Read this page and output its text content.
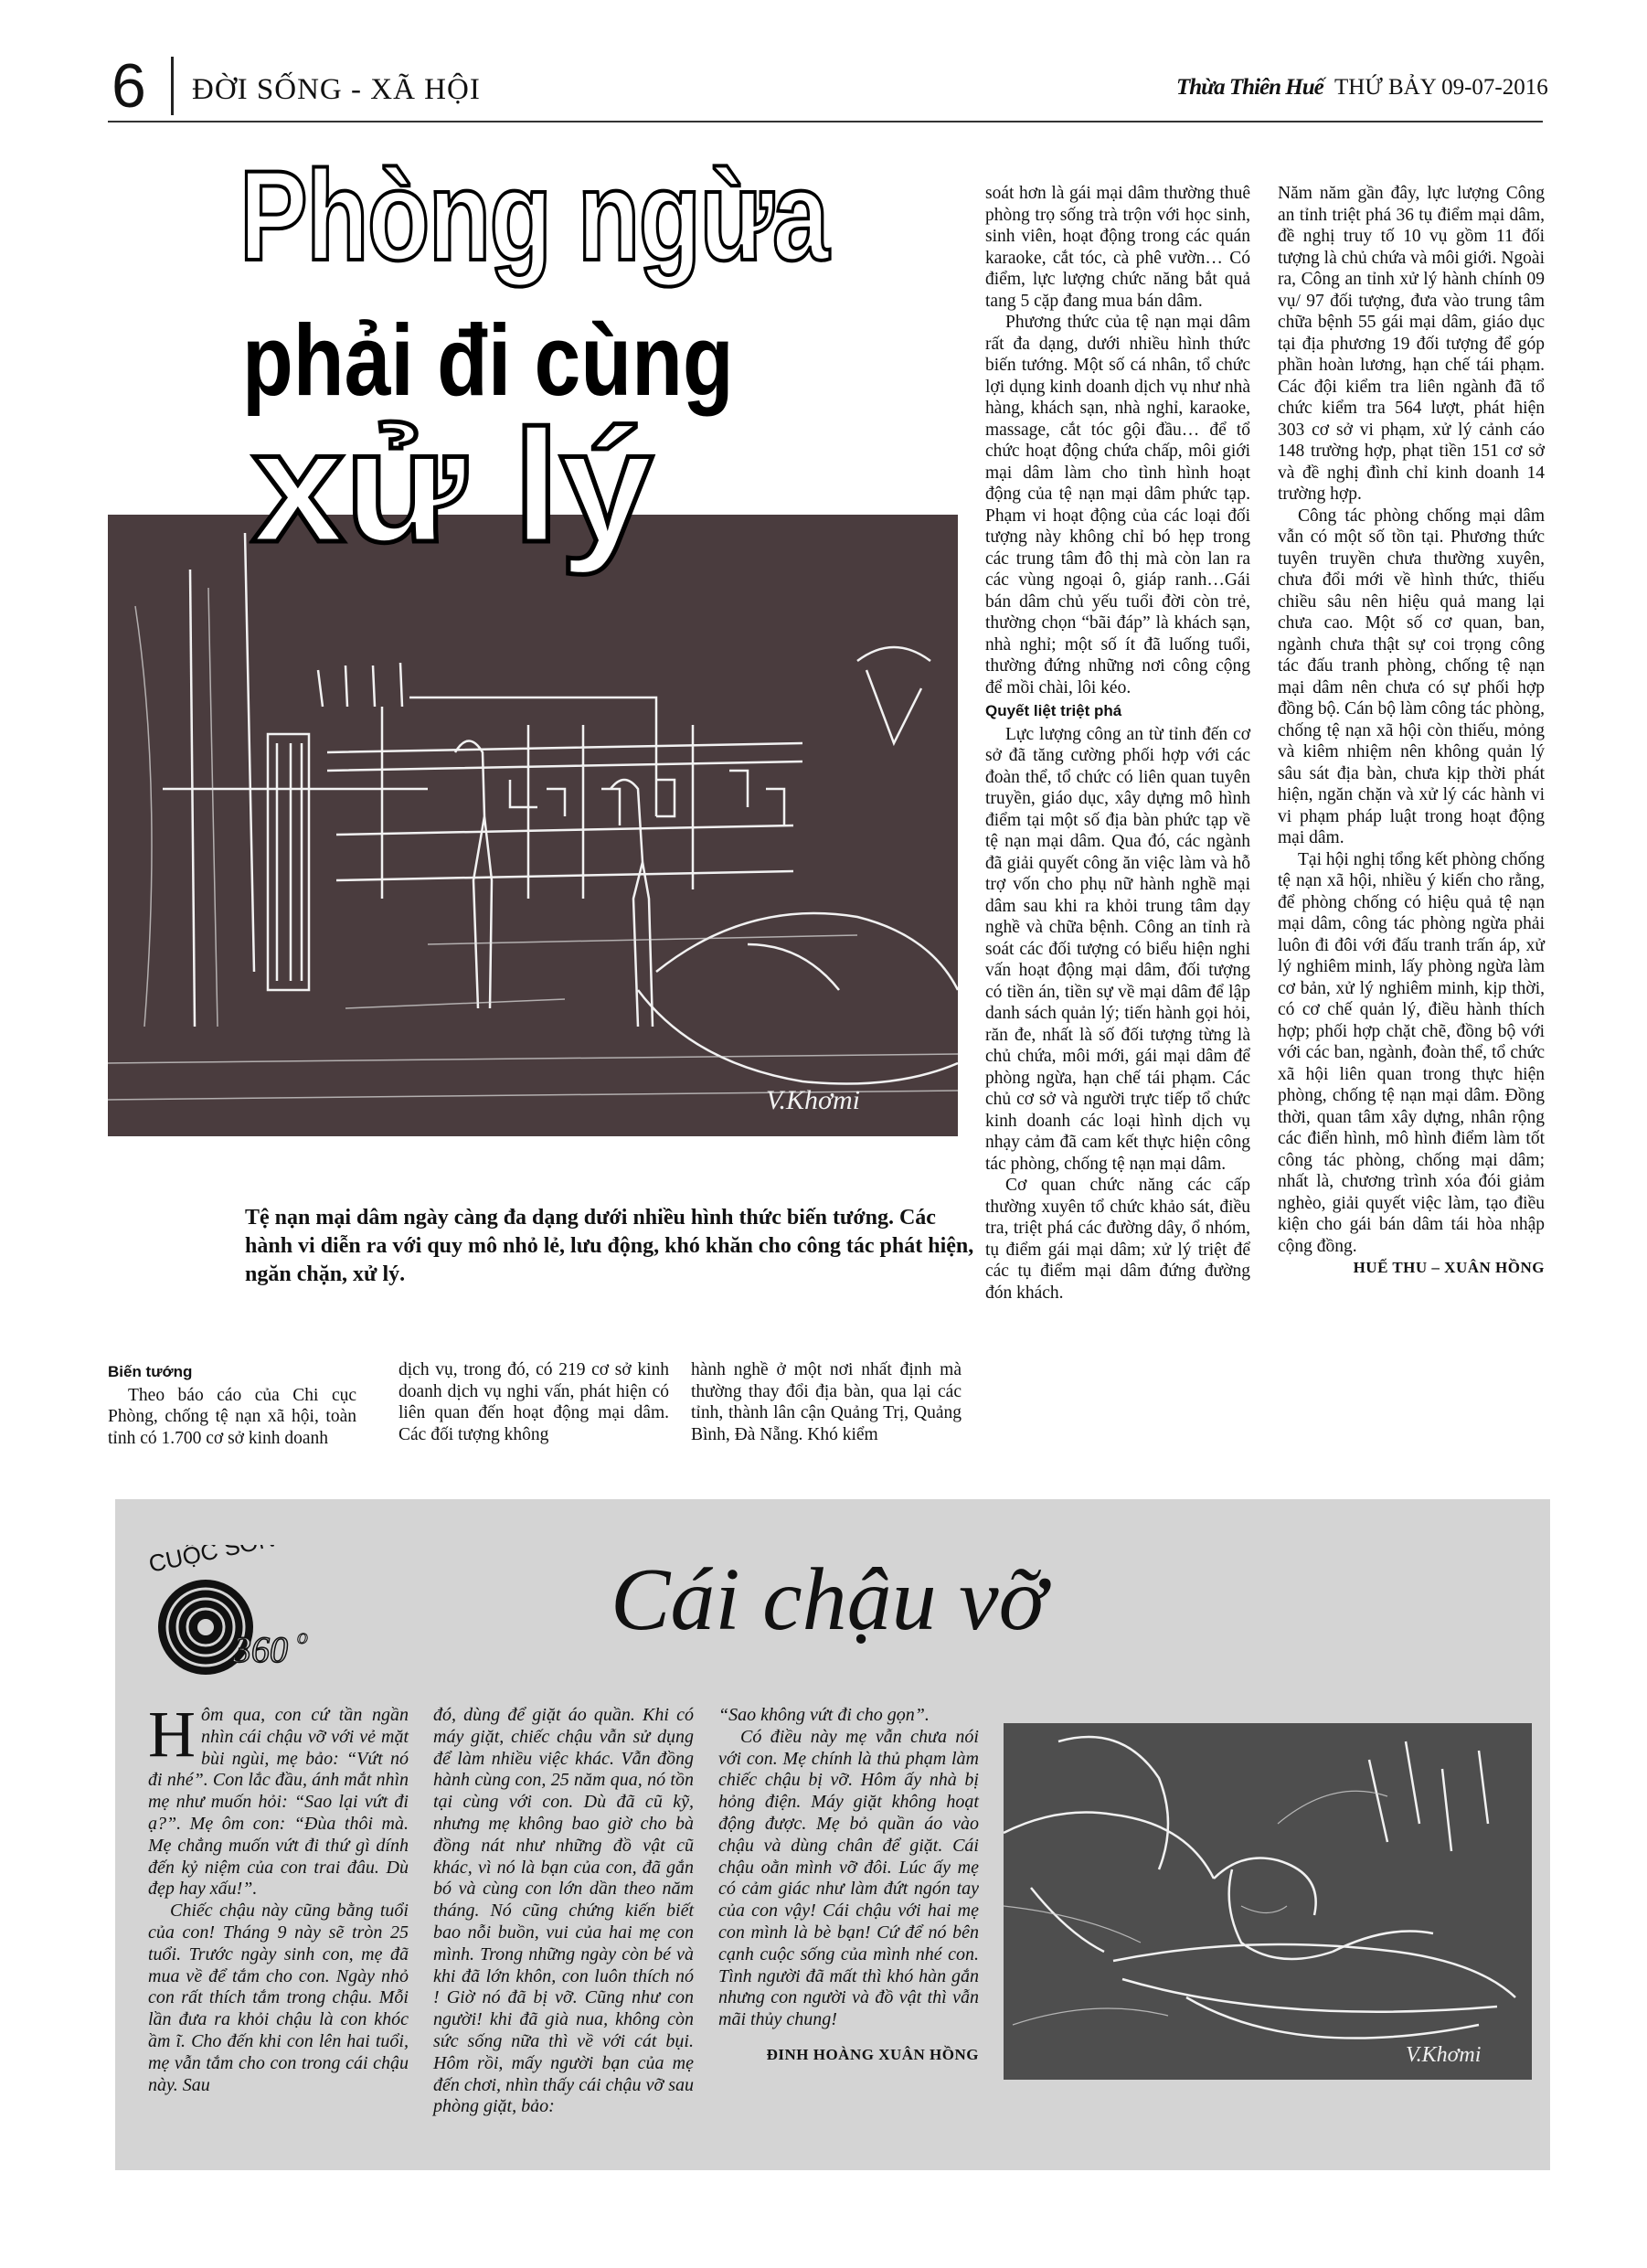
6 ĐỜI SỐNG - XÃ HỘI	Thừa Thiên Huế THỨ BẢY 09-07-2016
V.Khơmi
Phòng ngừa
phải đi cùng
xử lý
Tệ nạn mại dâm ngày càng đa dạng dưới nhiều hình thức biến tướng. Các hành vi diễn ra với quy mô nhỏ lẻ, lưu động, khó khăn cho công tác phát hiện, ngăn chặn, xử lý.

Biến tướng

Theo báo cáo của Chi cục Phòng, chống tệ nạn xã hội, toàn tỉnh có 1.700 cơ sở kinh doanh

dịch vụ, trong đó, có 219 cơ sở kinh doanh dịch vụ nghi vấn, phát hiện có liên quan đến hoạt động mại dâm. Các đối tượng không

hành nghề ở một nơi nhất định mà thường thay đổi địa bàn, qua lại các tỉnh, thành lân cận Quảng Trị, Quảng Bình, Đà Nẵng. Khó kiểm

soát hơn là gái mại dâm thường thuê phòng trọ sống trà trộn với học sinh, sinh viên, hoạt động trong các quán karaoke, cắt tóc, cà phê vườn… Có điểm, lực lượng chức năng bắt quả tang 5 cặp đang mua bán dâm.

Phương thức của tệ nạn mại dâm rất đa dạng, dưới nhiều hình thức biến tướng. Một số cá nhân, tổ chức lợi dụng kinh doanh dịch vụ như nhà hàng, khách sạn, nhà nghỉ, karaoke, massage, cắt tóc gội đầu… để tổ chức hoạt động chứa chấp, môi giới mại dâm làm cho tình hình hoạt động của tệ nạn mại dâm phức tạp. Phạm vi hoạt động của các loại đối tượng này không chỉ bó hẹp trong các trung tâm đô thị mà còn lan ra các vùng ngoại ô, giáp ranh…Gái bán dâm chủ yếu tuổi đời còn trẻ, thường chọn “bãi đáp” là khách sạn, nhà nghỉ; một số ít đã luống tuổi, thường đứng những nơi công cộng để mồi chài, lôi kéo.

Quyết liệt triệt phá

Lực lượng công an từ tỉnh đến cơ sở đã tăng cường phối hợp với các đoàn thể, tổ chức có liên quan tuyên truyền, giáo dục, xây dựng mô hình điểm tại một số địa bàn phức tạp về tệ nạn mại dâm. Qua đó, các ngành đã giải quyết công ăn việc làm và hỗ trợ vốn cho phụ nữ hành nghề mại dâm sau khi ra khỏi trung tâm dạy nghề và chữa bệnh. Công an tỉnh rà soát các đối tượng có biểu hiện nghi vấn hoạt động mại dâm, đối tượng có tiền án, tiền sự về mại dâm để lập danh sách quản lý; tiến hành gọi hỏi, răn đe, nhất là số đối tượng từng là chủ chứa, môi mới, gái mại dâm để phòng ngừa, hạn chế tái phạm. Các chủ cơ sở và người trực tiếp tổ chức kinh doanh các loại hình dịch vụ nhạy cảm đã cam kết thực hiện công tác phòng, chống tệ nạn mại dâm.

Cơ quan chức năng các cấp thường xuyên tổ chức khảo sát, điều tra, triệt phá các đường dây, ổ nhóm, tụ điểm gái mại dâm; xử lý triệt để các tụ điểm mại dâm đứng đường đón khách.

Năm năm gần đây, lực lượng Công an tỉnh triệt phá 36 tụ điểm mại dâm, đề nghị truy tố 10 vụ gồm 11 đối tượng là chủ chứa và môi giới. Ngoài ra, Công an tỉnh xử lý hành chính 09 vụ/ 97 đối tượng, đưa vào trung tâm chữa bệnh 55 gái mại dâm, giáo dục tại địa phương 19 đối tượng để góp phần hoàn lương, hạn chế tái phạm. Các đội kiểm tra liên ngành đã tổ chức kiểm tra 564 lượt, phát hiện 303 cơ sở vi phạm, xử lý cảnh cáo 148 trường hợp, phạt tiền 151 cơ sở và đề nghị đình chỉ kinh doanh 14 trường hợp.

Công tác phòng chống mại dâm vẫn có một số tồn tại. Phương thức tuyên truyền chưa thường xuyên, chưa đổi mới về hình thức, thiếu chiều sâu nên hiệu quả mang lại chưa cao. Một số cơ quan, ban, ngành chưa thật sự coi trọng công tác đấu tranh phòng, chống tệ nạn mại dâm nên chưa có sự phối hợp đồng bộ. Cán bộ làm công tác phòng, chống tệ nạn xã hội còn thiếu, mỏng và kiêm nhiệm nên không quản lý sâu sát địa bàn, chưa kịp thời phát hiện, ngăn chặn và xử lý các hành vi vi phạm pháp luật trong hoạt động mại dâm.

Tại hội nghị tổng kết phòng chống tệ nạn xã hội, nhiều ý kiến cho rằng, để phòng chống có hiệu quả tệ nạn mại dâm, công tác phòng ngừa phải luôn đi đôi với đấu tranh trấn áp, xử lý nghiêm minh, lấy phòng ngừa làm cơ bản, xử lý nghiêm minh, kịp thời, có cơ chế quản lý, điều hành thích hợp; phối hợp chặt chẽ, đồng bộ với với các ban, ngành, đoàn thể, tổ chức xã hội liên quan trong thực hiện phòng, chống tệ nạn mại dâm. Đồng thời, quan tâm xây dựng, nhân rộng các điển hình, mô hình điểm làm tốt công tác phòng, chống mại dâm; nhất là, chương trình xóa đói giảm nghèo, giải quyết việc làm, tạo điều kiện cho gái bán dâm tái hòa nhập cộng đồng.

HUẾ THU – XUÂN HỒNG

CUỘC SỐNG
360 o	Cái chậu vỡ

Hôm qua, con cứ tần ngần nhìn cái chậu vỡ với vẻ mặt bùi ngùi, mẹ bảo: “Vứt nó đi nhé”. Con lắc đầu, ánh mắt nhìn mẹ như muốn hỏi: “Sao lại vứt đi ạ?”. Mẹ ôm con: “Đùa thôi mà. Mẹ chẳng muốn vứt đi thứ gì dính đến kỷ niệm của con trai đâu. Dù đẹp hay xấu!”.

Chiếc chậu này cũng bằng tuổi của con! Tháng 9 này sẽ tròn 25 tuổi. Trước ngày sinh con, mẹ đã mua về để tắm cho con. Ngày nhỏ con rất thích tắm trong chậu. Mỗi lần đưa ra khỏi chậu là con khóc ầm ĩ. Cho đến khi con lên hai tuổi, mẹ vẫn tắm cho con trong cái chậu này. Sau

đó, dùng để giặt áo quần. Khi có máy giặt, chiếc chậu vẫn sử dụng để làm nhiều việc khác. Vẫn đồng hành cùng con, 25 năm qua, nó tồn tại cùng với con. Dù đã cũ kỹ, nhưng mẹ không bao giờ cho bà đồng nát như những đồ vật cũ khác, vì nó là bạn của con, đã gắn bó và cùng con lớn dần theo năm tháng. Nó cũng chứng kiến biết bao nỗi buồn, vui của hai mẹ con mình. Trong những ngày còn bé và khi đã lớn khôn, con luôn thích nó ! Giờ nó đã bị vỡ. Cũng như con người! khi đã già nua, không còn sức sống nữa thì về với cát bụi. Hôm rồi, mấy người bạn của mẹ đến chơi, nhìn thấy cái chậu vỡ sau phòng giặt, bảo:

“Sao không vứt đi cho gọn”.

Có điều này mẹ vẫn chưa nói với con. Mẹ chính là thủ phạm làm chiếc chậu bị vỡ. Hôm ấy nhà bị hỏng điện. Máy giặt không hoạt động được. Mẹ bỏ quần áo vào chậu và dùng chân để giặt. Cái chậu oằn mình vỡ đôi. Lúc ấy mẹ có cảm giác như làm đứt ngón tay của con vậy! Cái chậu với hai mẹ con mình là bè bạn! Cứ để nó bên cạnh cuộc sống của mình nhé con. Tình người đã mất thì khó hàn gắn nhưng con người và đồ vật thì vẫn mãi thủy chung!

ĐINH HOÀNG XUÂN HỒNG	V.Khơmi
